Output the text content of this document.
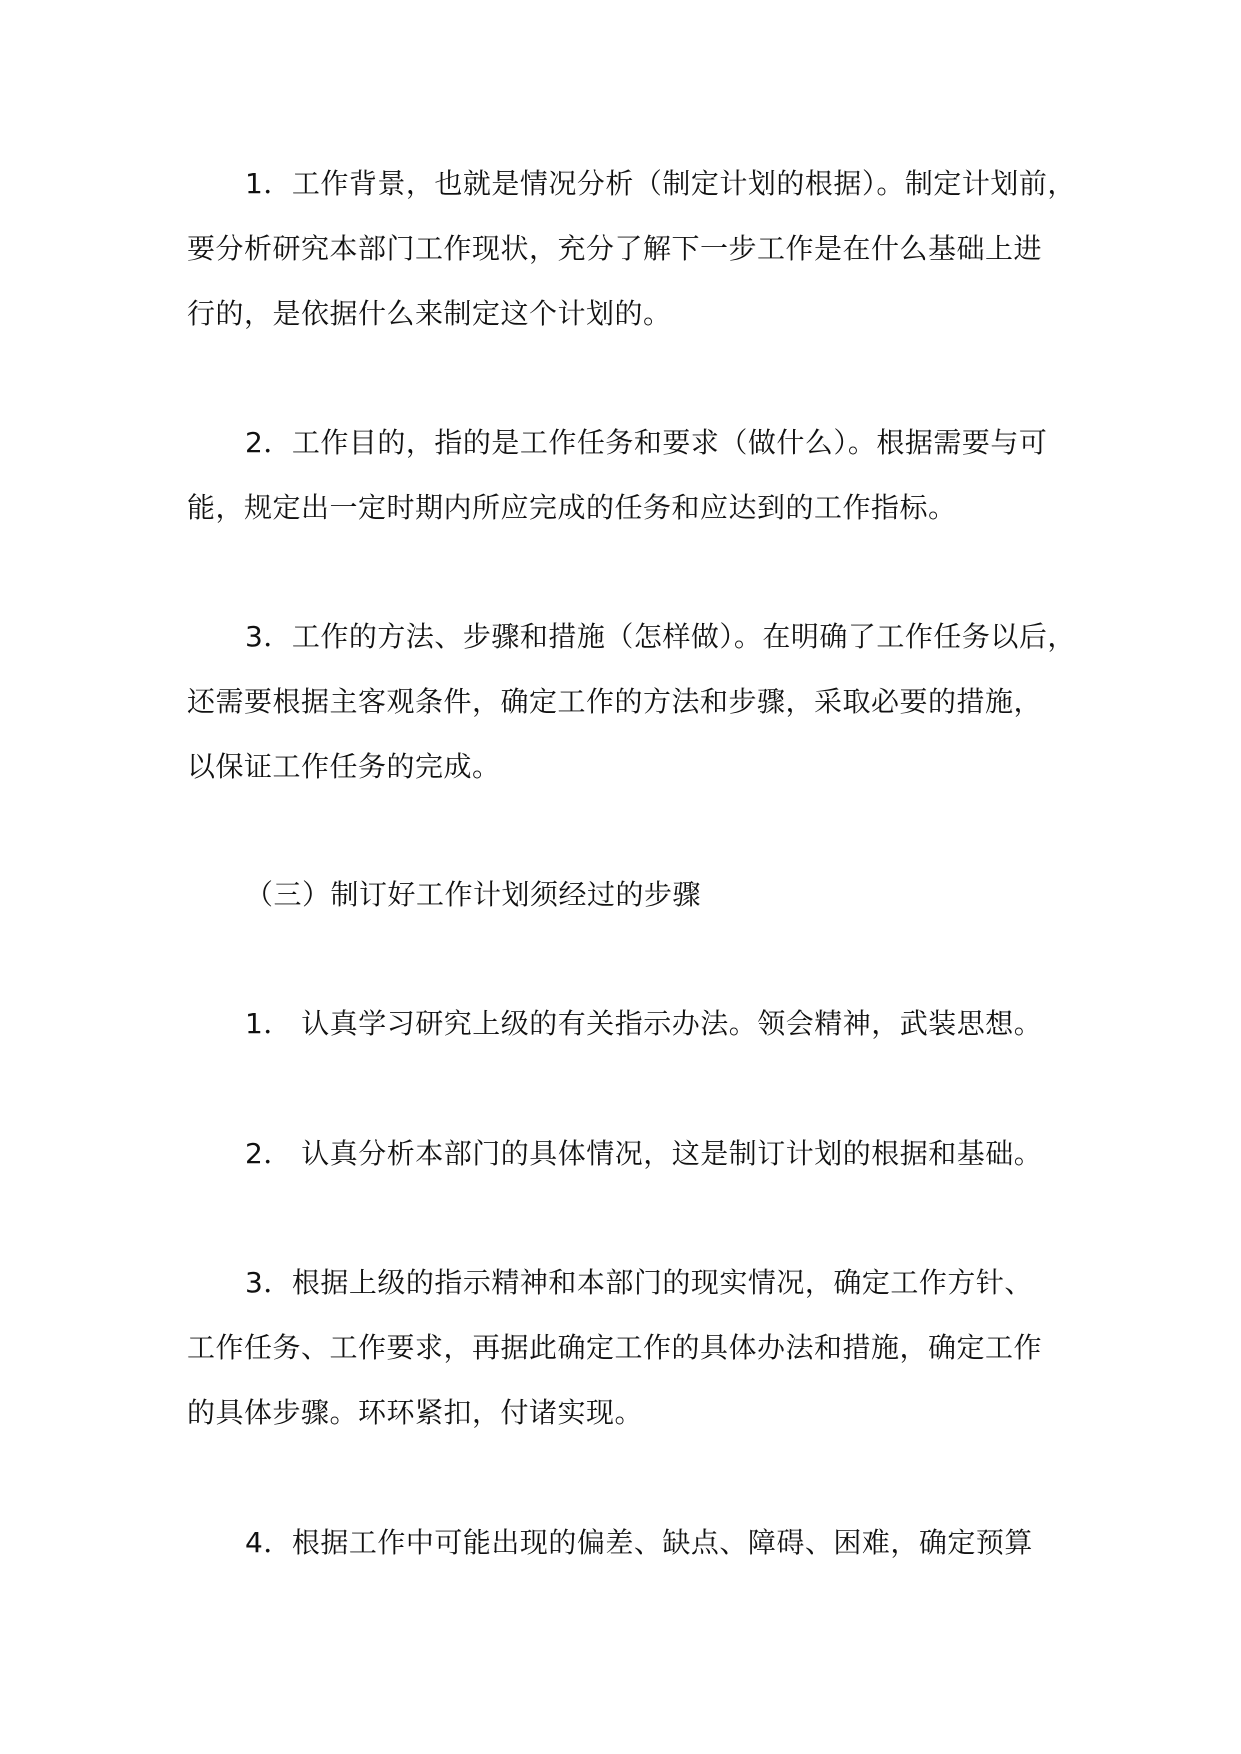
1．工作背景，也就是情况分析（制定计划的根据）。制定计划前，
要分析研究本部门工作现状，充分了解下一步工作是在什么基础上进
行的，是依据什么来制定这个计划的。
2．工作目的，指的是工作任务和要求（做什么）。根据需要与可
能，规定出一定时期内所应完成的任务和应达到的工作指标。
3．工作的方法、步骤和措施（怎样做）。在明确了工作任务以后，
还需要根据主客观条件，确定工作的方法和步骤，采取必要的措施，
以保证工作任务的完成。
（三）制订好工作计划须经过的步骤
1． 认真学习研究上级的有关指示办法。领会精神，武装思想。
2． 认真分析本部门的具体情况，这是制订计划的根据和基础。
3．根据上级的指示精神和本部门的现实情况，确定工作方针、
工作任务、工作要求，再据此确定工作的具体办法和措施，确定工作
的具体步骤。环环紧扣，付诸实现。
4．根据工作中可能出现的偏差、缺点、障碍、困难，确定预算
